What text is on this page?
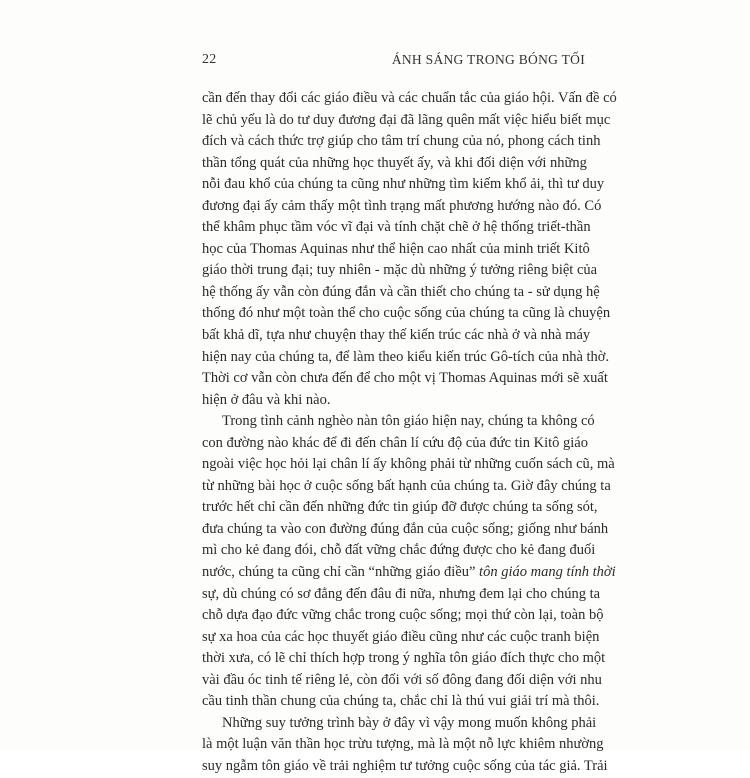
22	ÁNH SÁNG TRONG BÓNG TỐI

cần đến thay đổi các giáo điều và các chuẩn tắc của giáo hội. Vấn đề có
lẽ chủ yếu là do tư duy đương đại đã lãng quên mất việc hiểu biết mục
đích và cách thức trợ giúp cho tâm trí chung của nó, phong cách tinh
thần tổng quát của những học thuyết ấy, và khi đối diện với những
nỗi đau khổ của chúng ta cũng như những tìm kiếm khổ ải, thì tư duy
đương đại ấy cảm thấy một tình trạng mất phương hướng nào đó. Có
thể khâm phục tầm vóc vĩ đại và tính chặt chẽ ở hệ thống triết-thần
học của Thomas Aquinas như thể hiện cao nhất của minh triết Kitô
giáo thời trung đại; tuy nhiên - mặc dù những ý tưởng riêng biệt của
hệ thống ấy vẫn còn đúng đắn và cần thiết cho chúng ta - sử dụng hệ
thống đó như một toàn thể cho cuộc sống của chúng ta cũng là chuyện
bất khả dĩ, tựa như chuyện thay thế kiến trúc các nhà ở và nhà máy
hiện nay của chúng ta, để làm theo kiểu kiến trúc Gô-tích của nhà thờ.
Thời cơ vẫn còn chưa đến để cho một vị Thomas Aquinas mới sẽ xuất
hiện ở đâu và khi nào.

Trong tình cảnh nghèo nàn tôn giáo hiện nay, chúng ta không có
con đường nào khác để đi đến chân lí cứu độ của đức tin Kitô giáo
ngoài việc học hỏi lại chân lí ấy không phải từ những cuốn sách cũ, mà
từ những bài học ở cuộc sống bất hạnh của chúng ta. Giờ đây chúng ta
trước hết chỉ cần đến những đức tin giúp đỡ được chúng ta sống sót,
đưa chúng ta vào con đường đúng đắn của cuộc sống; giống như bánh
mì cho kẻ đang đói, chỗ đất vững chắc đứng được cho kẻ đang đuối
nước, chúng ta cũng chỉ cần “những giáo điều” tôn giáo mang tính thời
sự, dù chúng có sơ đẳng đến đâu đi nữa, nhưng đem lại cho chúng ta
chỗ dựa đạo đức vững chắc trong cuộc sống; mọi thứ còn lại, toàn bộ
sự xa hoa của các học thuyết giáo điều cũng như các cuộc tranh biện
thời xưa, có lẽ chỉ thích hợp trong ý nghĩa tôn giáo đích thực cho một
vài đầu óc tinh tế riêng lẻ, còn đối với số đông đang đối diện với nhu
cầu tinh thần chung của chúng ta, chắc chỉ là thú vui giải trí mà thôi.

Những suy tưởng trình bày ở đây vì vậy mong muốn không phải
là một luận văn thần học trừu tượng, mà là một nỗ lực khiêm nhường
suy ngẫm tôn giáo về trải nghiệm tư tưởng cuộc sống của tác giả. Trải
